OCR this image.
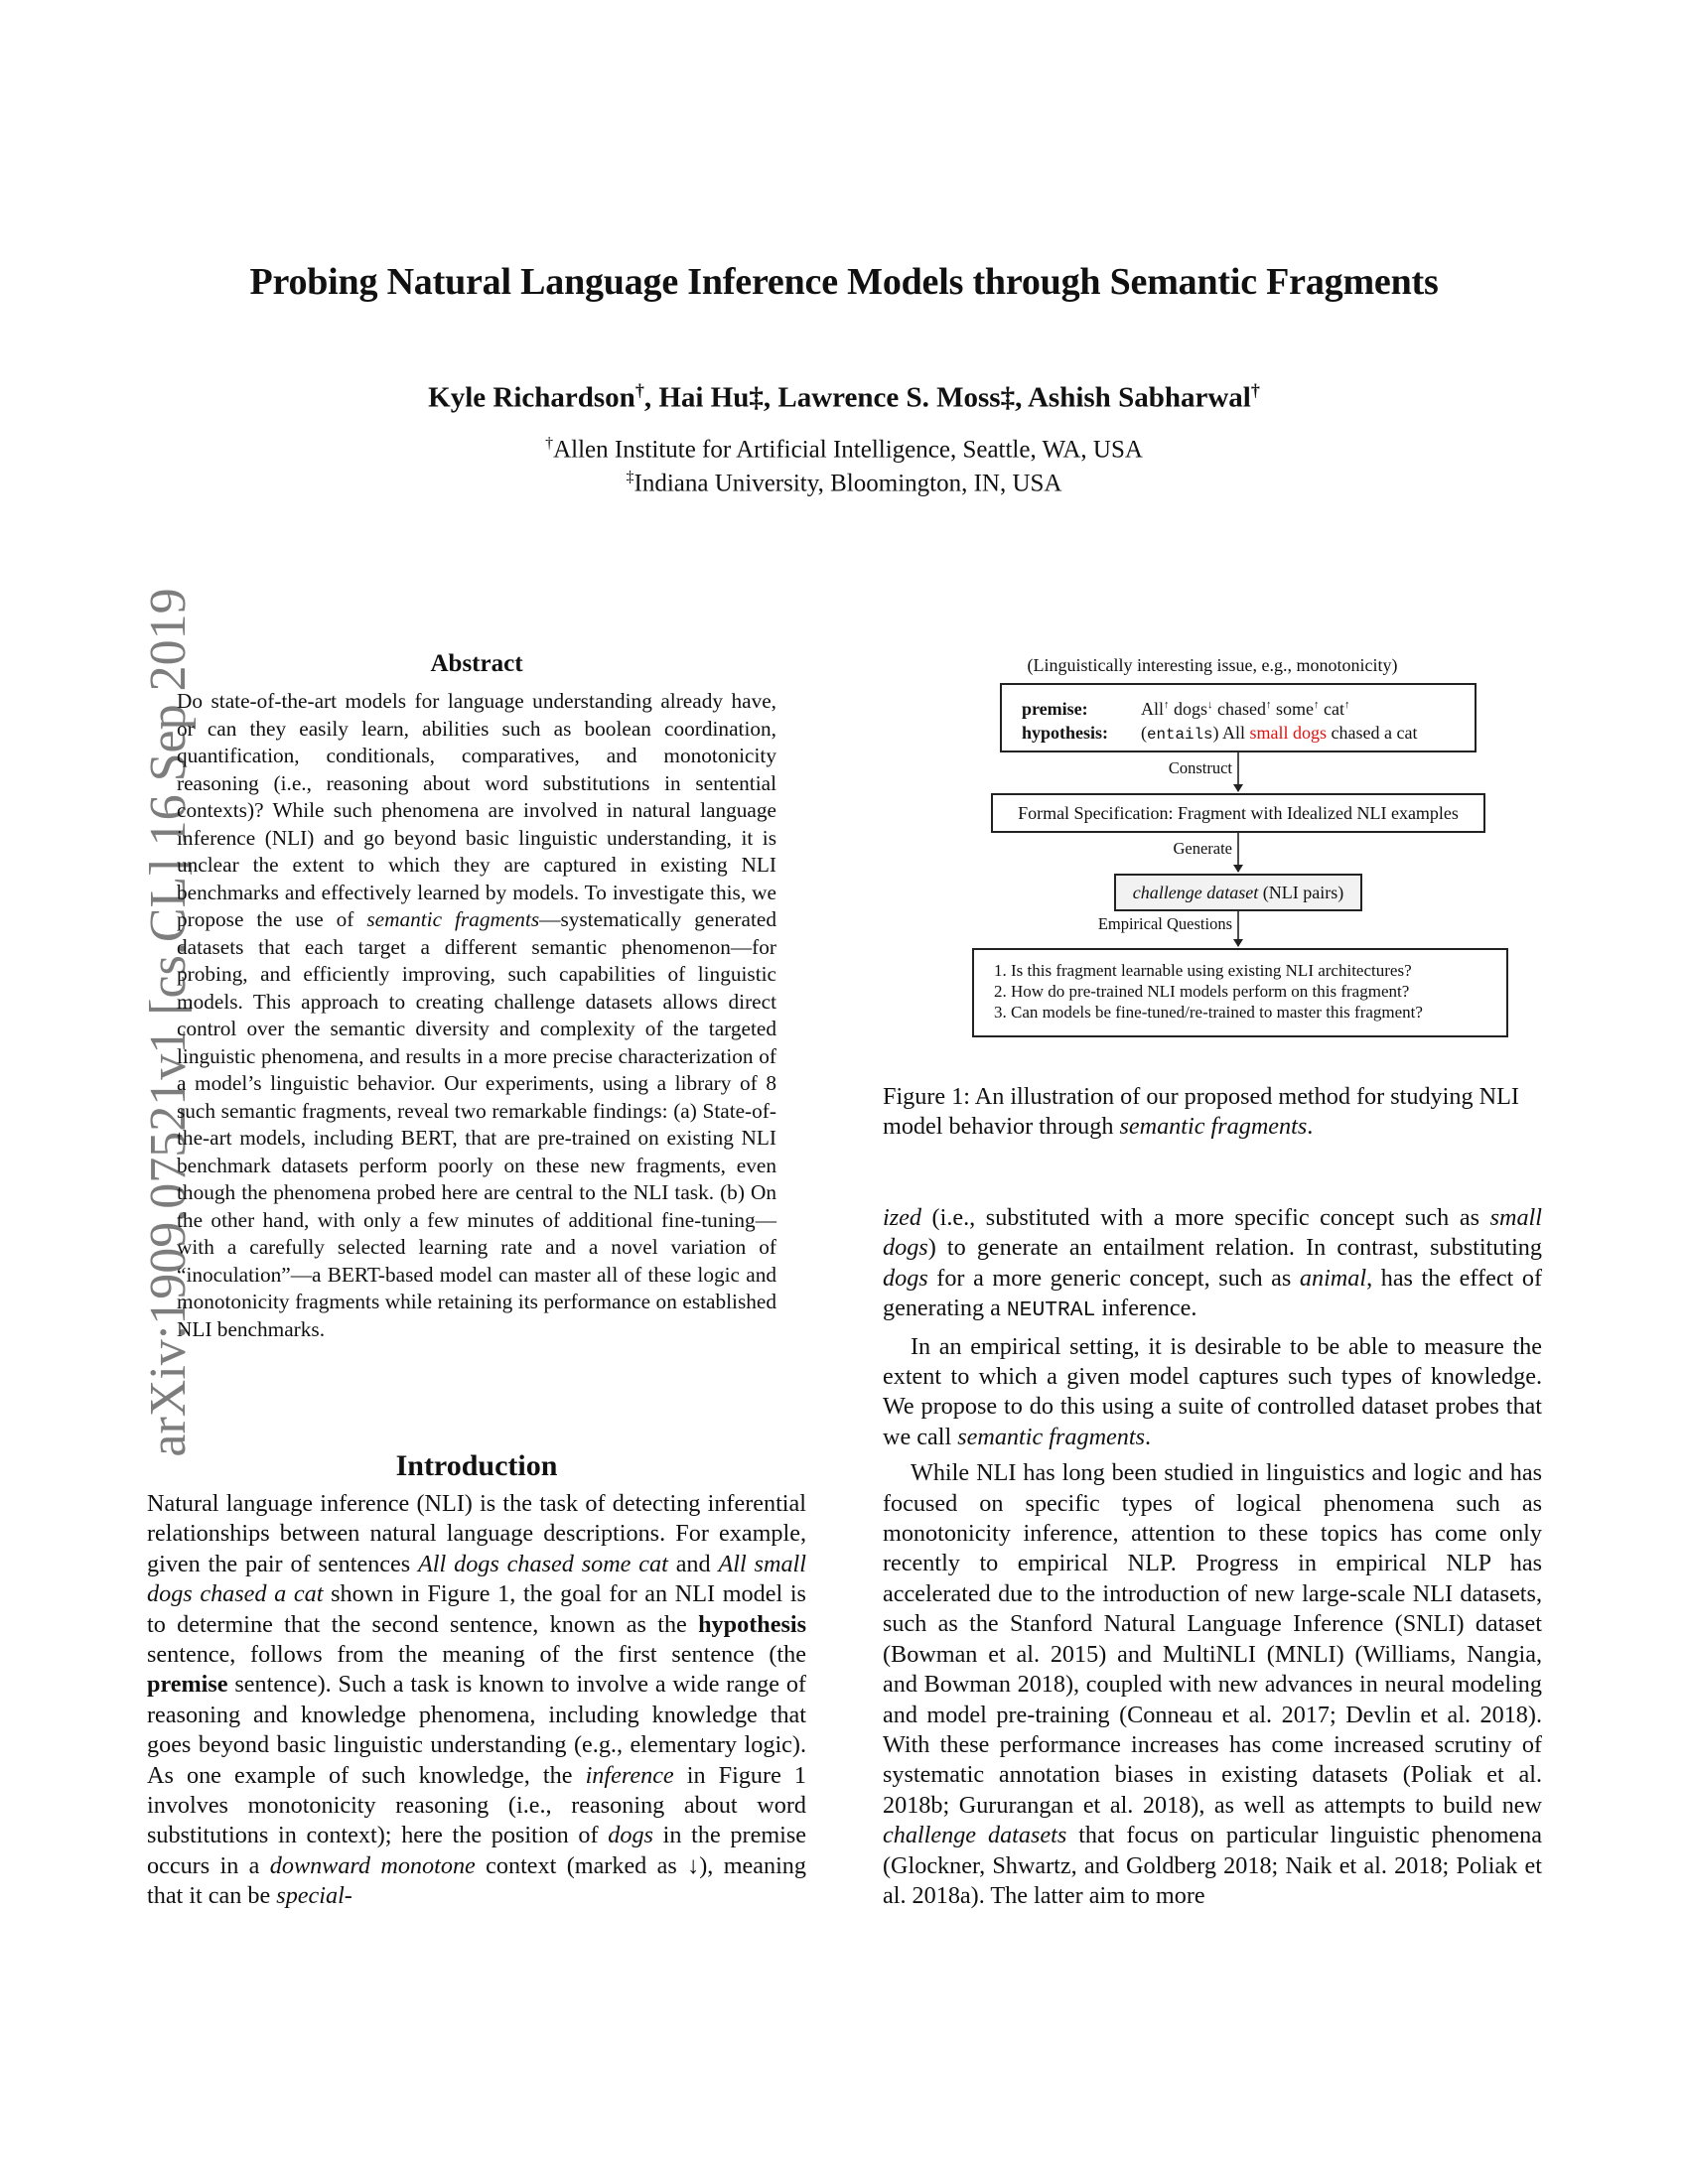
arXiv:1909.07521v1 [cs.CL] 16 Sep 2019
Probing Natural Language Inference Models through Semantic Fragments
Kyle Richardson†, Hai Hu‡, Lawrence S. Moss‡, Ashish Sabharwal†
†Allen Institute for Artificial Intelligence, Seattle, WA, USA
‡Indiana University, Bloomington, IN, USA
Abstract
Do state-of-the-art models for language understanding already have, or can they easily learn, abilities such as boolean coordination, quantification, conditionals, comparatives, and monotonicity reasoning (i.e., reasoning about word substitutions in sentential contexts)? While such phenomena are involved in natural language inference (NLI) and go beyond basic linguistic understanding, it is unclear the extent to which they are captured in existing NLI benchmarks and effectively learned by models. To investigate this, we propose the use of semantic fragments—systematically generated datasets that each target a different semantic phenomenon—for probing, and efficiently improving, such capabilities of linguistic models. This approach to creating challenge datasets allows direct control over the semantic diversity and complexity of the targeted linguistic phenomena, and results in a more precise characterization of a model’s linguistic behavior. Our experiments, using a library of 8 such semantic fragments, reveal two remarkable findings: (a) State-of-the-art models, including BERT, that are pre-trained on existing NLI benchmark datasets perform poorly on these new fragments, even though the phenomena probed here are central to the NLI task. (b) On the other hand, with only a few minutes of additional fine-tuning—with a carefully selected learning rate and a novel variation of “inoculation”—a BERT-based model can master all of these logic and monotonicity fragments while retaining its performance on established NLI benchmarks.
Introduction
Natural language inference (NLI) is the task of detecting inferential relationships between natural language descriptions. For example, given the pair of sentences All dogs chased some cat and All small dogs chased a cat shown in Figure 1, the goal for an NLI model is to determine that the second sentence, known as the hypothesis sentence, follows from the meaning of the first sentence (the premise sentence). Such a task is known to involve a wide range of reasoning and knowledge phenomena, including knowledge that goes beyond basic linguistic understanding (e.g., elementary logic). As one example of such knowledge, the inference in Figure 1 involves monotonicity reasoning (i.e., reasoning about word substitutions in context); here the position of dogs in the premise occurs in a downward monotone context (marked as ↓), meaning that it can be special-
(Linguistically interesting issue, e.g., monotonicity)
premise:	All↑ dogs↓ chased↑ some↑ cat↑
hypothesis: (entails) All small dogs chased a cat
Construct
Formal Specification: Fragment with Idealized NLI examples
Generate
challenge dataset (NLI pairs)
Empirical Questions
1. Is this fragment learnable using existing NLI architectures?
2. How do pre-trained NLI models perform on this fragment?
3. Can models be fine-tuned/re-trained to master this fragment?
Figure 1: An illustration of our proposed method for studying NLI model behavior through semantic fragments.

ized (i.e., substituted with a more specific concept such as small dogs) to generate an entailment relation. In contrast, substituting dogs for a more generic concept, such as animal, has the effect of generating a NEUTRAL inference.

In an empirical setting, it is desirable to be able to measure the extent to which a given model captures such types of knowledge. We propose to do this using a suite of controlled dataset probes that we call semantic fragments.

While NLI has long been studied in linguistics and logic and has focused on specific types of logical phenomena such as monotonicity inference, attention to these topics has come only recently to empirical NLP. Progress in empirical NLP has accelerated due to the introduction of new large-scale NLI datasets, such as the Stanford Natural Language Inference (SNLI) dataset (Bowman et al. 2015) and MultiNLI (MNLI) (Williams, Nangia, and Bowman 2018), coupled with new advances in neural modeling and model pre-training (Conneau et al. 2017; Devlin et al. 2018). With these performance increases has come increased scrutiny of systematic annotation biases in existing datasets (Poliak et al. 2018b; Gururangan et al. 2018), as well as attempts to build new challenge datasets that focus on particular linguistic phenomena (Glockner, Shwartz, and Goldberg 2018; Naik et al. 2018; Poliak et al. 2018a). The latter aim to more
